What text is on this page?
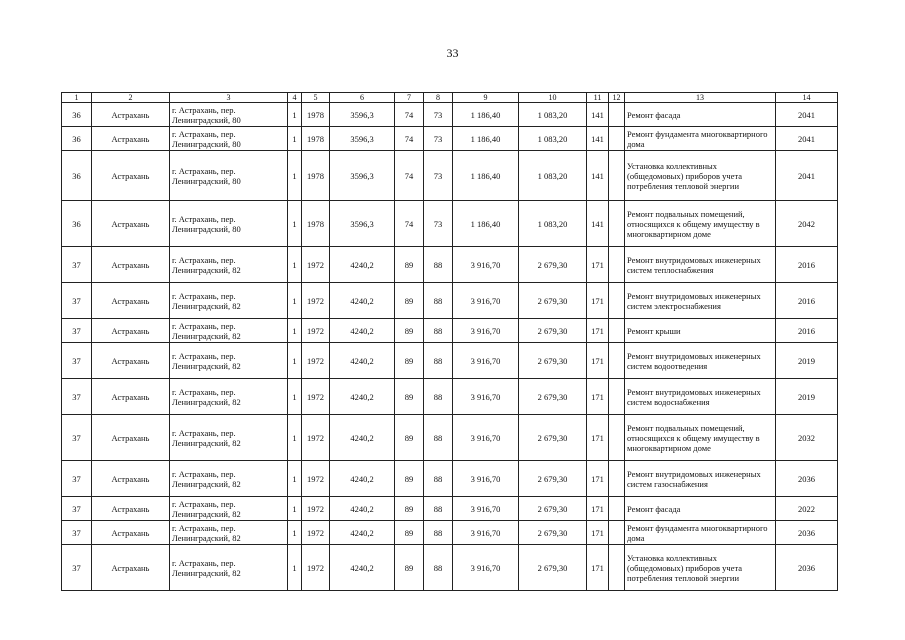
33
1	2	3	4	5	6	7	8	9	10	11	12	13	14
36	Астрахань	г. Астрахань, пер. Ленинградский, 80	1	1978	3596,3	74	73	1 186,40	1 083,20	141		Ремонт фасада	2041
36	Астрахань	г. Астрахань, пер. Ленинградский, 80	1	1978	3596,3	74	73	1 186,40	1 083,20	141		Ремонт фундамента многоквартирного дома	2041
36	Астрахань	г. Астрахань, пер. Ленинградский, 80	1	1978	3596,3	74	73	1 186,40	1 083,20	141		Установка коллективных (общедомовых) приборов учета потребления тепловой энергии	2041
36	Астрахань	г. Астрахань, пер. Ленинградский, 80	1	1978	3596,3	74	73	1 186,40	1 083,20	141		Ремонт подвальных помещений, относящихся к общему имуществу в многоквартирном доме	2042
37	Астрахань	г. Астрахань, пер. Ленинградский, 82	1	1972	4240,2	89	88	3 916,70	2 679,30	171		Ремонт внутридомовых инженерных систем теплоснабжения	2016
37	Астрахань	г. Астрахань, пер. Ленинградский, 82	1	1972	4240,2	89	88	3 916,70	2 679,30	171		Ремонт внутридомовых инженерных систем электроснабжения	2016
37	Астрахань	г. Астрахань, пер. Ленинградский, 82	1	1972	4240,2	89	88	3 916,70	2 679,30	171		Ремонт крыши	2016
37	Астрахань	г. Астрахань, пер. Ленинградский, 82	1	1972	4240,2	89	88	3 916,70	2 679,30	171		Ремонт внутридомовых инженерных систем водоотведения	2019
37	Астрахань	г. Астрахань, пер. Ленинградский, 82	1	1972	4240,2	89	88	3 916,70	2 679,30	171		Ремонт внутридомовых инженерных систем водоснабжения	2019
37	Астрахань	г. Астрахань, пер. Ленинградский, 82	1	1972	4240,2	89	88	3 916,70	2 679,30	171		Ремонт подвальных помещений, относящихся к общему имуществу в многоквартирном доме	2032
37	Астрахань	г. Астрахань, пер. Ленинградский, 82	1	1972	4240,2	89	88	3 916,70	2 679,30	171		Ремонт внутридомовых инженерных систем газоснабжения	2036
37	Астрахань	г. Астрахань, пер. Ленинградский, 82	1	1972	4240,2	89	88	3 916,70	2 679,30	171		Ремонт фасада	2022
37	Астрахань	г. Астрахань, пер. Ленинградский, 82	1	1972	4240,2	89	88	3 916,70	2 679,30	171		Ремонт фундамента многоквартирного дома	2036
37	Астрахань	г. Астрахань, пер. Ленинградский, 82	1	1972	4240,2	89	88	3 916,70	2 679,30	171		Установка коллективных (общедомовых) приборов учета потребления тепловой энергии	2036
